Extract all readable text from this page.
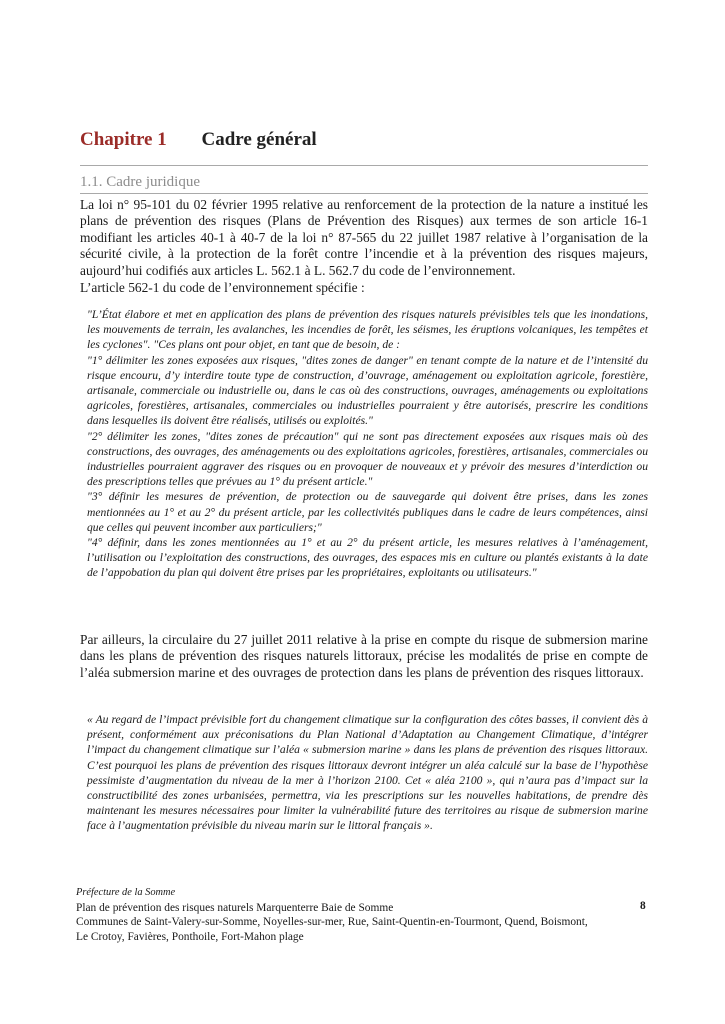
Chapitre 1 Cadre général
1.1. Cadre juridique

La loi n° 95-101 du 02 février 1995 relative au renforcement de la protection de la nature a institué les plans de prévention des risques (Plans de Prévention des Risques) aux termes de son article 16-1 modifiant les articles 40-1 à 40-7 de la loi n° 87-565 du 22 juillet 1987 relative à l’organisation de la sécurité civile, à la protection de la forêt contre l’incendie et à la prévention des risques majeurs, aujourd’hui codifiés aux articles L. 562.1 à L. 562.7 du code de l’environnement.

L’article 562-1 du code de l’environnement spécifie :

"L’État élabore et met en application des plans de prévention des risques naturels prévisibles tels que les inondations, les mouvements de terrain, les avalanches, les incendies de forêt, les séismes, les éruptions volcaniques, les tempêtes et les cyclones". "Ces plans ont pour objet, en tant que de besoin, de :

"1° délimiter les zones exposées aux risques, "dites zones de danger" en tenant compte de la nature et de l’intensité du risque encouru, d’y interdire toute type de construction, d’ouvrage, aménagement ou exploitation agricole, forestière, artisanale, commerciale ou industrielle ou, dans le cas où des constructions, ouvrages, aménagements ou exploitations agricoles, forestières, artisanales, commerciales ou industrielles pourraient y être autorisés, prescrire les conditions dans lesquelles ils doivent être réalisés, utilisés ou exploités."

"2° délimiter les zones, "dites zones de précaution" qui ne sont pas directement exposées aux risques mais où des constructions, des ouvrages, des aménagements ou des exploitations agricoles, forestières, artisanales, commerciales ou industrielles pourraient aggraver des risques ou en provoquer de nouveaux et y prévoir des mesures d’interdiction ou des prescriptions telles que prévues au 1° du présent article."

"3° définir les mesures de prévention, de protection ou de sauvegarde qui doivent être prises, dans les zones mentionnées au 1° et au 2° du présent article, par les collectivités publiques dans le cadre de leurs compétences, ainsi que celles qui peuvent incomber aux particuliers;"

"4° définir, dans les zones mentionnées au 1° et au 2° du présent article, les mesures relatives à l’aménagement, l’utilisation ou l’exploitation des constructions, des ouvrages, des espaces mis en culture ou plantés existants à la date de l’appobation du plan qui doivent être prises par les propriétaires, exploitants ou utilisateurs."

Par ailleurs, la circulaire du 27 juillet 2011 relative à la prise en compte du risque de submersion marine dans les plans de prévention des risques naturels littoraux, précise les modalités de prise en compte de l’aléa submersion marine et des ouvrages de protection dans les plans de prévention des risques littoraux.

« Au regard de l’impact prévisible fort du changement climatique sur la configuration des côtes basses, il convient dès à présent, conformément aux préconisations du Plan National d’Adaptation au Changement Climatique, d’intégrer l’impact du changement climatique sur l’aléa « submersion marine » dans les plans de prévention des risques littoraux. C’est pourquoi les plans de prévention des risques littoraux devront intégrer un aléa calculé sur la base de l’hypothèse pessimiste d’augmentation du niveau de la mer à l’horizon 2100. Cet « aléa 2100 », qui n’aura pas d’impact sur la constructibilité des zones urbanisées, permettra, via les prescriptions sur les nouvelles habitations, de prendre dès maintenant les mesures nécessaires pour limiter la vulnérabilité future des territoires au risque de submersion marine face à l’augmentation prévisible du niveau marin sur le littoral français ».

Préfecture de la Somme
Plan de prévention des risques naturels Marquenterre Baie de Somme
Communes de Saint-Valery-sur-Somme, Noyelles-sur-mer, Rue, Saint-Quentin-en-Tourmont, Quend, Boismont,
Le Crotoy, Favières, Ponthoile, Fort-Mahon plage
8
